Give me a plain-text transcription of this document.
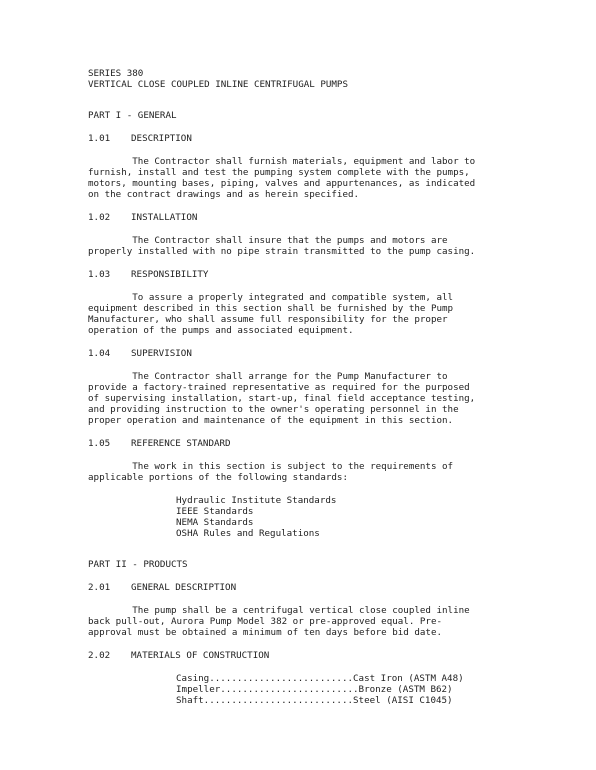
SERIES 380
VERTICAL CLOSE COUPLED INLINE CENTRIFUGAL PUMPS
PART I - GENERAL
1.01 DESCRIPTION

The Contractor shall furnish materials, equipment and labor to

furnish, install and test the pumping system complete with the pumps,

motors, mounting bases, piping, valves and appurtenances, as indicated

on the contract drawings and as herein specified.

1.02 INSTALLATION

The Contractor shall insure that the pumps and motors are

properly installed with no pipe strain transmitted to the pump casing.

1.03 RESPONSIBILITY

To assure a properly integrated and compatible system, all

equipment described in this section shall be furnished by the Pump

Manufacturer, who shall assume full responsibility for the proper

operation of the pumps and associated equipment.

1.04 SUPERVISION

The Contractor shall arrange for the Pump Manufacturer to

provide a factory-trained representative as required for the purposed

of supervising installation, start-up, final field acceptance testing,

and providing instruction to the owner's operating personnel in the

proper operation and maintenance of the equipment in this section.

1.05 REFERENCE STANDARD

The work in this section is subject to the requirements of

applicable portions of the following standards:

Hydraulic Institute Standards
IEEE Standards
NEMA Standards
OSHA Rules and Regulations
PART II - PRODUCTS
2.01 GENERAL DESCRIPTION

The pump shall be a centrifugal vertical close coupled inline

back pull-out, Aurora Pump Model 382 or pre-approved equal. Pre-

approval must be obtained a minimum of ten days before bid date.

2.02 MATERIALS OF CONSTRUCTION
Casing..........................Cast Iron (ASTM A48)
Impeller.........................Bronze (ASTM B62)
Shaft...........................Steel (AISI C1045)
